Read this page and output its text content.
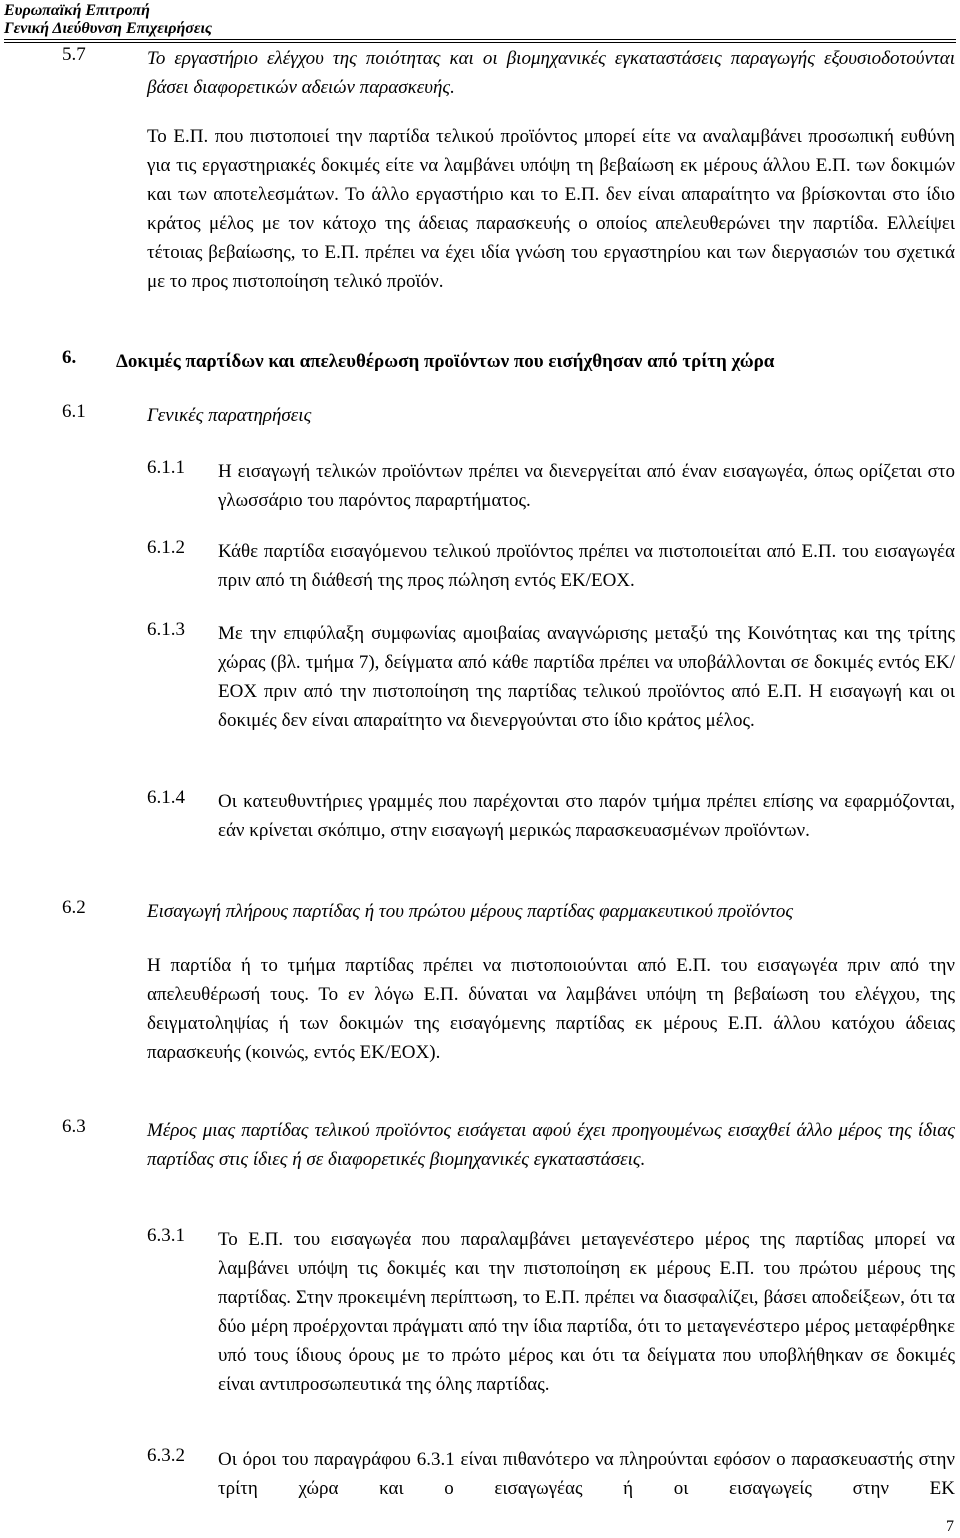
Ευρωπαϊκή Επιτροπή
Γενική Διεύθυνση Επιχειρήσεις
5.7	Το εργαστήριο ελέγχου της ποιότητας και οι βιομηχανικές εγκαταστάσεις παραγωγής εξουσιοδοτούνται βάσει διαφορετικών αδειών παρασκευής.
Το Ε.Π. που πιστοποιεί την παρτίδα τελικού προϊόντος μπορεί είτε να αναλαμβάνει προσωπική ευθύνη για τις εργαστηριακές δοκιμές είτε να λαμβάνει υπόψη τη βεβαίωση εκ μέρους άλλου Ε.Π. των δοκιμών και των αποτελεσμάτων. Το άλλο εργαστήριο και το Ε.Π. δεν είναι απαραίτητο να βρίσκονται στο ίδιο κράτος μέλος με τον κάτοχο της άδειας παρασκευής ο οποίος απελευθερώνει την παρτίδα. Ελλείψει τέτοιας βεβαίωσης, το Ε.Π. πρέπει να έχει ιδία γνώση του εργαστηρίου και των διεργασιών του σχετικά με το προς πιστοποίηση τελικό προϊόν.
6. Δοκιμές παρτίδων και απελευθέρωση προϊόντων που εισήχθησαν από τρίτη χώρα
6.1	Γενικές παρατηρήσεις
6.1.1 Η εισαγωγή τελικών προϊόντων πρέπει να διενεργείται από έναν εισαγωγέα, όπως ορίζεται στο γλωσσάριο του παρόντος παραρτήματος.
6.1.2 Κάθε παρτίδα εισαγόμενου τελικού προϊόντος πρέπει να πιστοποιείται από Ε.Π. του εισαγωγέα πριν από τη διάθεσή της προς πώληση εντός ΕΚ/ΕΟΧ.
6.1.3 Με την επιφύλαξη συμφωνίας αμοιβαίας αναγνώρισης μεταξύ της Κοινότητας και της τρίτης χώρας (βλ. τμήμα 7), δείγματα από κάθε παρτίδα πρέπει να υποβάλλονται σε δοκιμές εντός ΕΚ/ΕΟΧ πριν από την πιστοποίηση της παρτίδας τελικού προϊόντος από Ε.Π. Η εισαγωγή και οι δοκιμές δεν είναι απαραίτητο να διενεργούνται στο ίδιο κράτος μέλος.
6.1.4 Οι κατευθυντήριες γραμμές που παρέχονται στο παρόν τμήμα πρέπει επίσης να εφαρμόζονται, εάν κρίνεται σκόπιμο, στην εισαγωγή μερικώς παρασκευασμένων προϊόντων.
6.2	Εισαγωγή πλήρους παρτίδας ή του πρώτου μέρους παρτίδας φαρμακευτικού προϊόντος
Η παρτίδα ή το τμήμα παρτίδας πρέπει να πιστοποιούνται από Ε.Π. του εισαγωγέα πριν από την απελευθέρωσή τους. Το εν λόγω Ε.Π. δύναται να λαμβάνει υπόψη τη βεβαίωση του ελέγχου, της δειγματοληψίας ή των δοκιμών της εισαγόμενης παρτίδας εκ μέρους Ε.Π. άλλου κατόχου άδειας παρασκευής (κοινώς, εντός ΕΚ/ΕΟΧ).
6.3	Μέρος μιας παρτίδας τελικού προϊόντος εισάγεται αφού έχει προηγουμένως εισαχθεί άλλο μέρος της ίδιας παρτίδας στις ίδιες ή σε διαφορετικές βιομηχανικές εγκαταστάσεις.
6.3.1 Το Ε.Π. του εισαγωγέα που παραλαμβάνει μεταγενέστερο μέρος της παρτίδας μπορεί να λαμβάνει υπόψη τις δοκιμές και την πιστοποίηση εκ μέρους Ε.Π. του πρώτου μέρους της παρτίδας. Στην προκειμένη περίπτωση, το Ε.Π. πρέπει να διασφαλίζει, βάσει αποδείξεων, ότι τα δύο μέρη προέρχονται πράγματι από την ίδια παρτίδα, ότι το μεταγενέστερο μέρος μεταφέρθηκε υπό τους ίδιους όρους με το πρώτο μέρος και ότι τα δείγματα που υποβλήθηκαν σε δοκιμές είναι αντιπροσωπευτικά της όλης παρτίδας.
6.3.2 Οι όροι του παραγράφου 6.3.1 είναι πιθανότερο να πληρούνται εφόσον ο παρασκευαστής στην τρίτη χώρα και ο εισαγωγέας ή οι εισαγωγείς στην ΕΚ
7
